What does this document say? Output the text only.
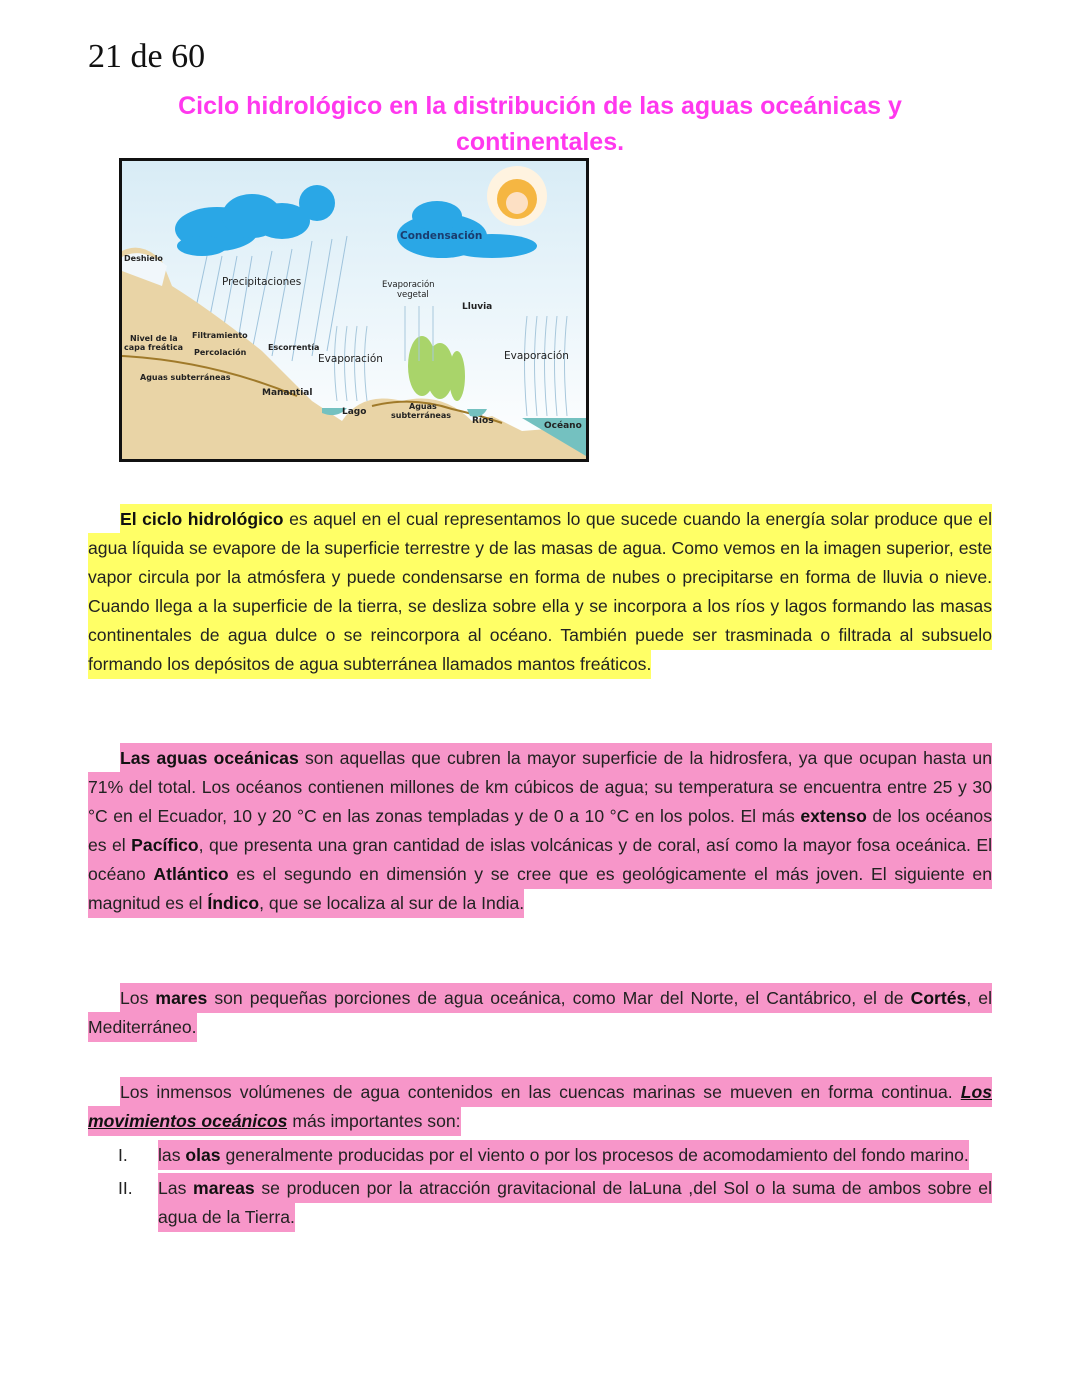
21 de 60
Ciclo hidrológico en la distribución de las aguas oceánicas y continentales.
Deshielo
Nivel de la
capa freática
Filtramiento
Percolación
Aguas subterráneas
Escorrentía
Manantial
Lago
Aguas
subterráneas
Ríos	Océano
Lluvia
Precipitaciones
Evaporación	Evaporación
Condensación
Evaporación
vegetal

El ciclo hidrológico es aquel en el cual representamos lo que sucede cuando la energía solar produce que el agua líquida se evapore de la superficie terrestre y de las masas de agua. Como vemos en la imagen superior, este vapor circula por la atmósfera y puede condensarse en forma de nubes o precipitarse en forma de lluvia o nieve. Cuando llega a la superficie de la tierra, se desliza sobre ella y se incorpora a los ríos y lagos formando las masas continentales de agua dulce o se reincorpora al océano. También puede ser trasminada o filtrada al subsuelo formando los depósitos de agua subterránea llamados mantos freáticos.

Las aguas oceánicas son aquellas que cubren la mayor superficie de la hidrosfera, ya que ocupan hasta un 71% del total. Los océanos contienen millones de km cúbicos de agua; su temperatura se encuentra entre 25 y 30 °C en el Ecuador, 10 y 20 °C en las zonas templadas y de 0 a 10 °C en los polos. El más extenso de los océanos es el Pacífico, que presenta una gran cantidad de islas volcánicas y de coral, así como la mayor fosa oceánica. El océano Atlántico es el segundo en dimensión y se cree que es geológicamente el más joven. El siguiente en magnitud es el Índico, que se localiza al sur de la India.

Los mares son pequeñas porciones de agua oceánica, como Mar del Norte, el Cantábrico, el de Cortés, el Mediterráneo.

Los inmensos volúmenes de agua contenidos en las cuencas marinas se mueven en forma continua. Los movimientos oceánicos más importantes son:

I.	las olas generalmente producidas por el viento o por los procesos de acomodamiento del fondo marino.
II.	Las mareas se producen por la atracción gravitacional de laLuna ,del Sol o la suma de ambos sobre el agua de la Tierra.
